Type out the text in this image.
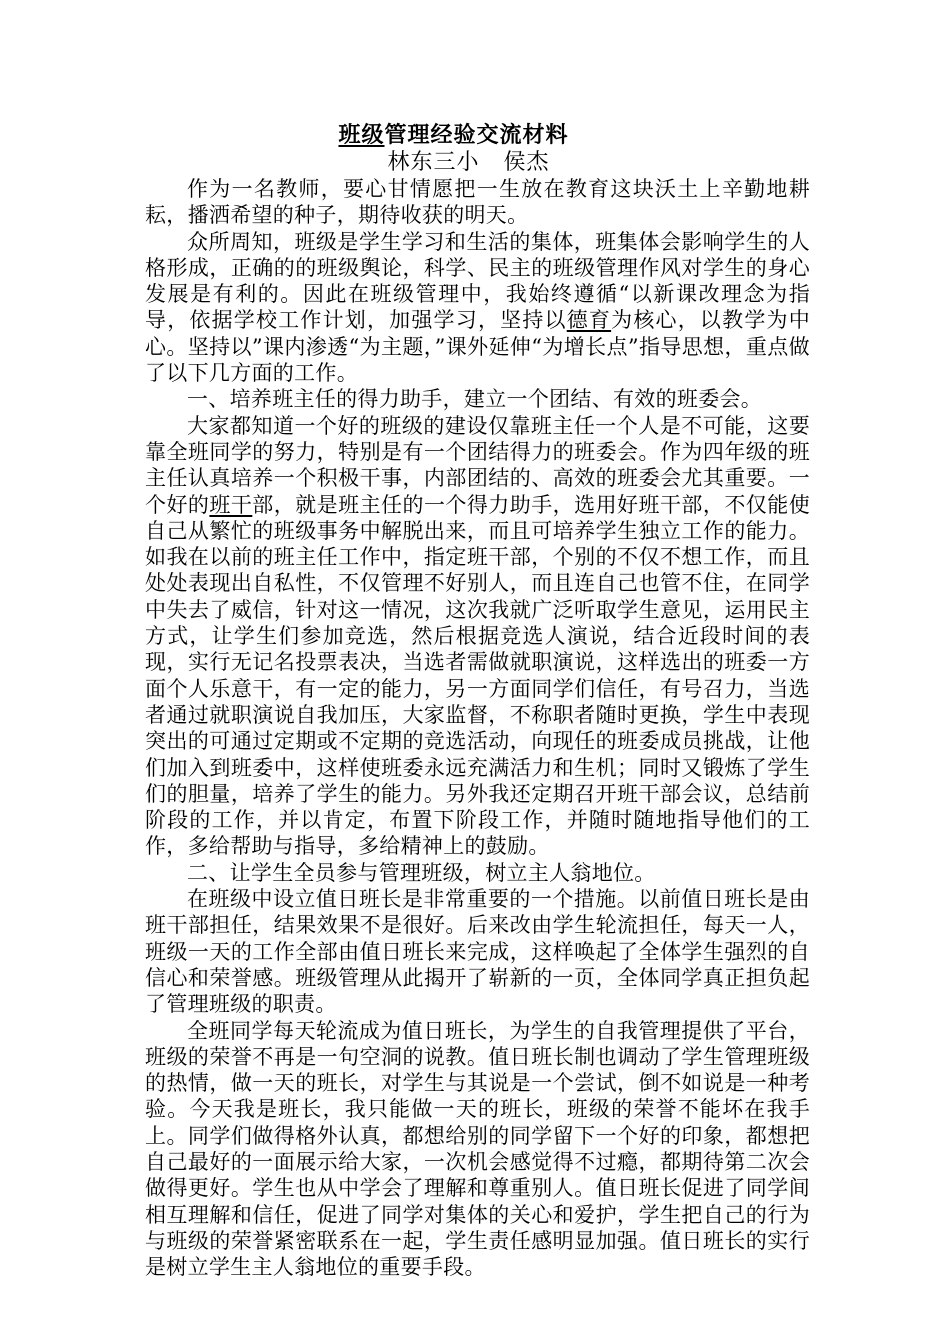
班级管理经验交流材料
林东三小   侯杰

作为一名教师，要心甘情愿把一生放在教育这块沃土上辛勤地耕耘，播洒希望的种子，期待收获的明天。

众所周知，班级是学生学习和生活的集体，班集体会影响学生的人格形成，正确的的班级舆论，科学、民主的班级管理作风对学生的身心发展是有利的。因此在班级管理中，我始终遵循“以新课改理念为指导，依据学校工作计划，加强学习，坚持以德育为核心，以教学为中心。坚持以”课内渗透“为主题，”课外延伸“为增长点”指导思想，重点做了以下几方面的工作。

一、培养班主任的得力助手，建立一个团结、有效的班委会。

大家都知道一个好的班级的建设仅靠班主任一个人是不可能，这要靠全班同学的努力，特别是有一个团结得力的班委会。作为四年级的班主任认真培养一个积极干事，内部团结的、高效的班委会尤其重要。一个好的班干部，就是班主任的一个得力助手，选用好班干部，不仅能使自己从繁忙的班级事务中解脱出来，而且可培养学生独立工作的能力。如我在以前的班主任工作中，指定班干部，个别的不仅不想工作，而且处处表现出自私性，不仅管理不好别人，而且连自己也管不住，在同学中失去了威信，针对这一情况，这次我就广泛听取学生意见，运用民主方式，让学生们参加竞选，然后根据竞选人演说，结合近段时间的表现，实行无记名投票表决，当选者需做就职演说，这样选出的班委一方面个人乐意干，有一定的能力，另一方面同学们信任，有号召力，当选者通过就职演说自我加压，大家监督，不称职者随时更换，学生中表现突出的可通过定期或不定期的竞选活动，向现任的班委成员挑战，让他们加入到班委中，这样使班委永远充满活力和生机；同时又锻炼了学生们的胆量，培养了学生的能力。另外我还定期召开班干部会议，总结前阶段的工作，并以肯定，布置下阶段工作，并随时随地指导他们的工作，多给帮助与指导，多给精神上的鼓励。

二、让学生全员参与管理班级，树立主人翁地位。

在班级中设立值日班长是非常重要的一个措施。以前值日班长是由班干部担任，结果效果不是很好。后来改由学生轮流担任，每天一人，班级一天的工作全部由值日班长来完成，这样唤起了全体学生强烈的自信心和荣誉感。班级管理从此揭开了崭新的一页，全体同学真正担负起了管理班级的职责。

全班同学每天轮流成为值日班长，为学生的自我管理提供了平台，班级的荣誉不再是一句空洞的说教。值日班长制也调动了学生管理班级的热情，做一天的班长，对学生与其说是一个尝试，倒不如说是一种考验。今天我是班长，我只能做一天的班长，班级的荣誉不能坏在我手上。同学们做得格外认真，都想给别的同学留下一个好的印象，都想把自己最好的一面展示给大家，一次机会感觉得不过瘾，都期待第二次会做得更好。学生也从中学会了理解和尊重别人。值日班长促进了同学间相互理解和信任，促进了同学对集体的关心和爱护，学生把自己的行为与班级的荣誉紧密联系在一起，学生责任感明显加强。值日班长的实行是树立学生主人翁地位的重要手段。
